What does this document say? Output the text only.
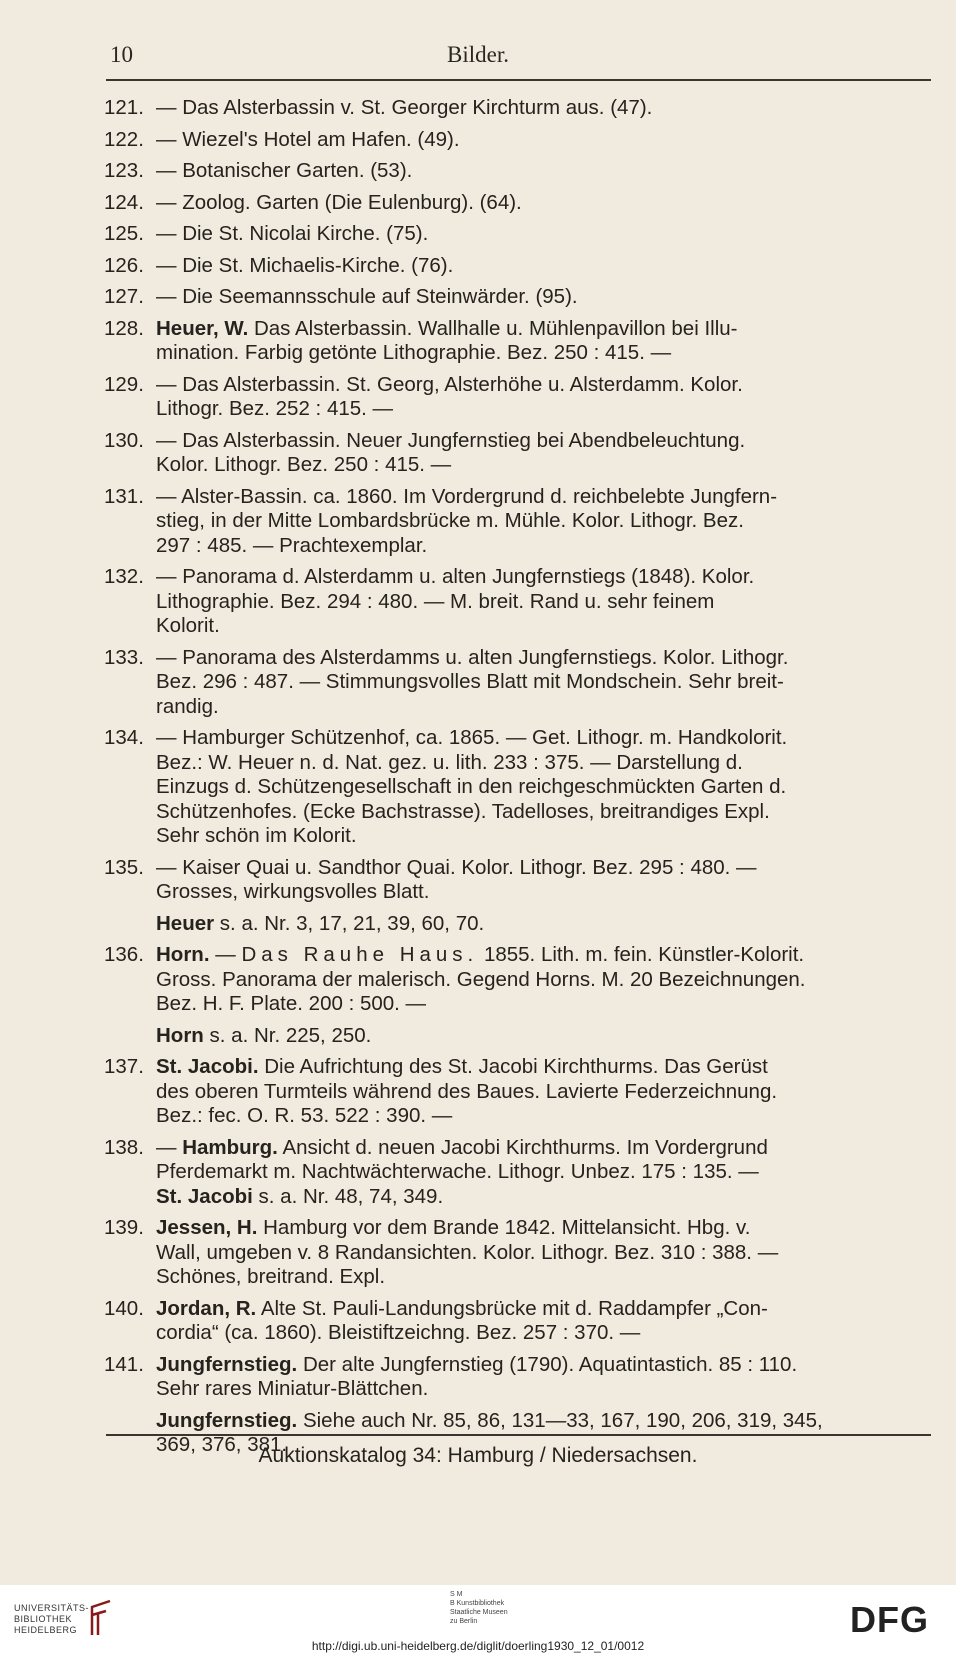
10	Bilder.
121. — Das Alsterbassin v. St. Georger Kirchturm aus. (47).
122. — Wiezel's Hotel am Hafen. (49).
123. — Botanischer Garten. (53).
124. — Zoolog. Garten (Die Eulenburg). (64).
125. — Die St. Nicolai Kirche. (75).
126. — Die St. Michaelis-Kirche. (76).
127. — Die Seemannsschule auf Steinwärder. (95).
128. Heuer, W. Das Alsterbassin. Wallhalle u. Mühlenpavillon bei Illu-
mination. Farbig getönte Lithographie. Bez. 250 : 415. —
129. — Das Alsterbassin. St. Georg, Alsterhöhe u. Alsterdamm. Kolor.
Lithogr. Bez. 252 : 415. —
130. — Das Alsterbassin. Neuer Jungfernstieg bei Abendbeleuchtung.
Kolor. Lithogr. Bez. 250 : 415. —
131. — Alster-Bassin. ca. 1860. Im Vordergrund d. reichbelebte Jungfern-
stieg, in der Mitte Lombardsbrücke m. Mühle. Kolor. Lithogr. Bez.
297 : 485. — Prachtexemplar.
132. — Panorama d. Alsterdamm u. alten Jungfernstiegs (1848). Kolor.
Lithographie. Bez. 294 : 480. — M. breit. Rand u. sehr feinem
Kolorit.
133. — Panorama des Alsterdamms u. alten Jungfernstiegs. Kolor. Lithogr.
Bez. 296 : 487. — Stimmungsvolles Blatt mit Mondschein. Sehr breit-
randig.
134. — Hamburger Schützenhof, ca. 1865. — Get. Lithogr. m. Handkolorit.
Bez.: W. Heuer n. d. Nat. gez. u. lith. 233 : 375. — Darstellung d.
Einzugs d. Schützengesellschaft in den reichgeschmückten Garten d.
Schützenhofes. (Ecke Bachstrasse). Tadelloses, breitrandiges Expl.
Sehr schön im Kolorit.
135. — Kaiser Quai u. Sandthor Quai. Kolor. Lithogr. Bez. 295 : 480. —
Grosses, wirkungsvolles Blatt.
Heuer s. a. Nr. 3, 17, 21, 39, 60, 70.
136. Horn. — Das Rauhe Haus. 1855. Lith. m. fein. Künstler-Kolorit.
Gross. Panorama der malerisch. Gegend Horns. M. 20 Bezeichnungen.
Bez. H. F. Plate. 200 : 500. —
Horn s. a. Nr. 225, 250.
137. St. Jacobi. Die Aufrichtung des St. Jacobi Kirchthurms. Das Gerüst
des oberen Turmteils während des Baues. Lavierte Federzeichnung.
Bez.: fec. O. R. 53. 522 : 390. —
138. — Hamburg. Ansicht d. neuen Jacobi Kirchthurms. Im Vordergrund
Pferdemarkt m. Nachtwächterwache. Lithogr. Unbez. 175 : 135. —
St. Jacobi s. a. Nr. 48, 74, 349.
139. Jessen, H. Hamburg vor dem Brande 1842. Mittelansicht. Hbg. v.
Wall, umgeben v. 8 Randansichten. Kolor. Lithogr. Bez. 310 : 388. —
Schönes, breitrand. Expl.
140. Jordan, R. Alte St. Pauli-Landungsbrücke mit d. Raddampfer „Con-
cordia“ (ca. 1860). Bleistiftzeichng. Bez. 257 : 370. —
141. Jungfernstieg. Der alte Jungfernstieg (1790). Aquatintastich. 85 : 110.
Sehr rares Miniatur-Blättchen.
Jungfernstieg. Siehe auch Nr. 85, 86, 131—33, 167, 190, 206, 319, 345,
369, 376, 381.
Auktionskatalog 34: Hamburg / Niedersachsen.
UNIVERSITÄTS-
BIBLIOTHEK
HEIDELBERG
S M
B Kunstbibliothek
Staatliche Museen
zu Berlin	DFG
http://digi.ub.uni-heidelberg.de/diglit/doerling1930_12_01/0012
